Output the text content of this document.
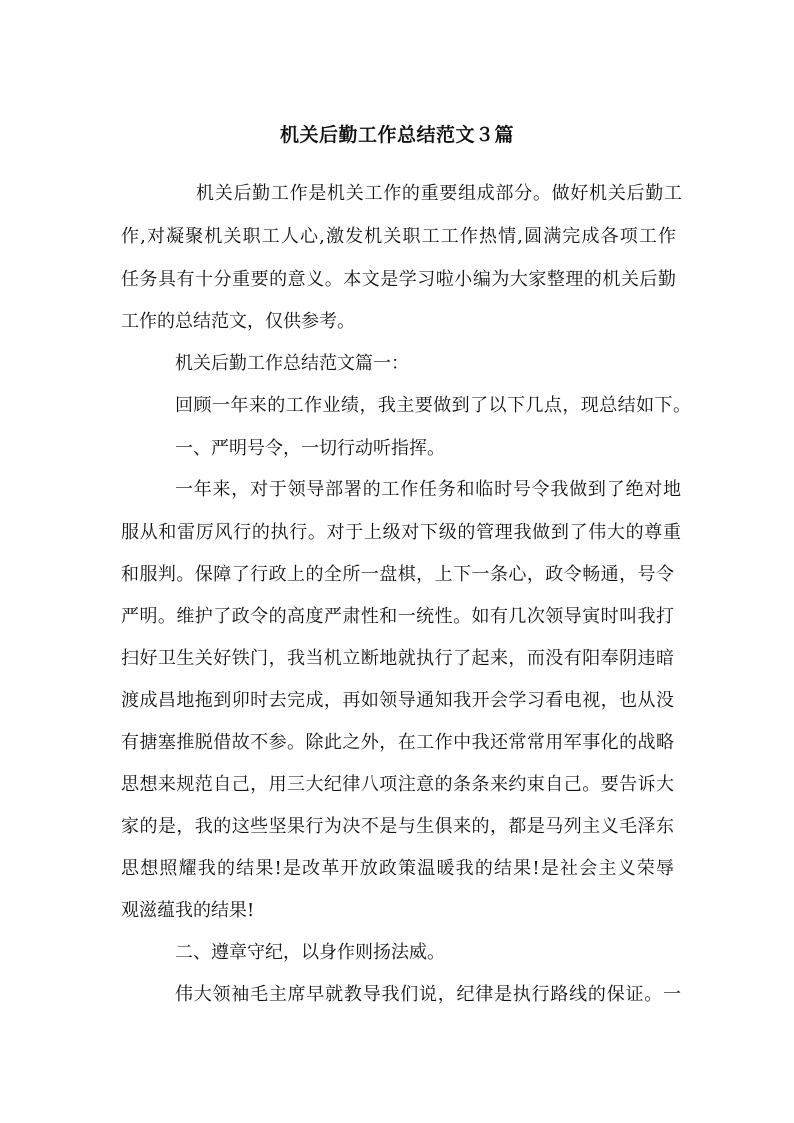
机关后勤工作总结范文３篇
机关后勤工作是机关工作的重要组成部分。做好机关后勤工
作,对凝聚机关职工人心,激发机关职工工作热情,圆满完成各项工作
任务具有十分重要的意义。本文是学习啦小编为大家整理的机关后勤
工作的总结范文，仅供参考。
机关后勤工作总结范文篇一：
回顾一年来的工作业绩，我主要做到了以下几点，现总结如下。
一、严明号令，一切行动听指挥。
一年来，对于领导部署的工作任务和临时号令我做到了绝对地
服从和雷厉风行的执行。对于上级对下级的管理我做到了伟大的尊重
和服判。保障了行政上的全所一盘棋，上下一条心，政令畅通，号令
严明。维护了政令的高度严肃性和一统性。如有几次领导寅时叫我打
扫好卫生关好铁门，我当机立断地就执行了起来，而没有阳奉阴违暗
渡成昌地拖到卯时去完成，再如领导通知我开会学习看电视，也从没
有搪塞推脱借故不参。除此之外，在工作中我还常常用军事化的战略
思想来规范自己，用三大纪律八项注意的条条来约束自己。要告诉大
家的是，我的这些坚果行为决不是与生俱来的，都是马列主义毛泽东
思想照耀我的结果!是改革开放政策温暖我的结果!是社会主义荣辱
观滋蕴我的结果!
二、遵章守纪，以身作则扬法威。
伟大领袖毛主席早就教导我们说，纪律是执行路线的保证。一
